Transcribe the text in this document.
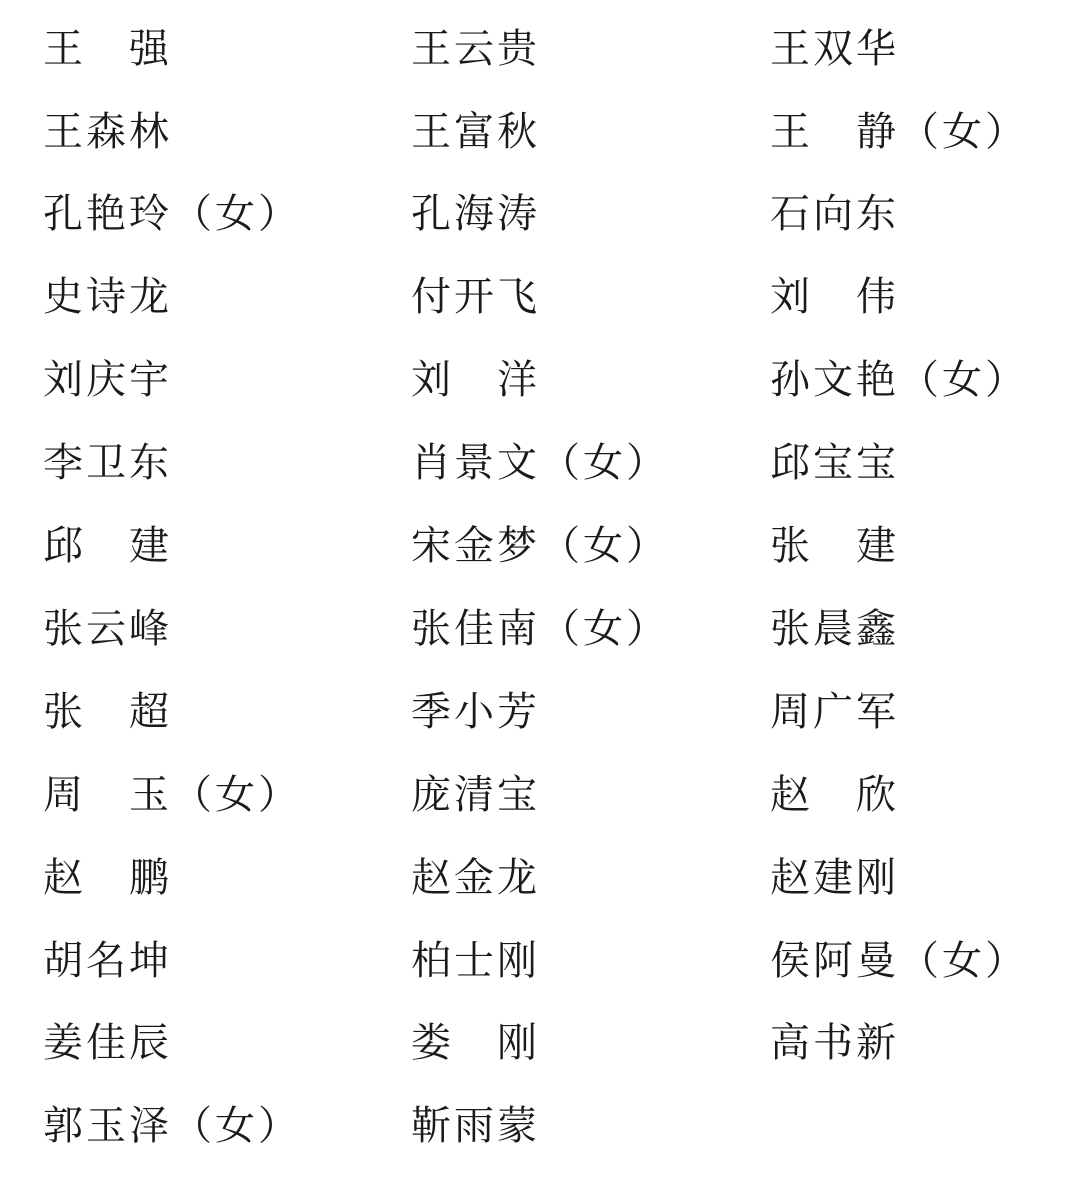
王　强	王云贵	王双华
王森林	王富秋	王　静（女）
孔艳玲（女）	孔海涛	石向东
史诗龙	付开飞	刘　伟
刘庆宇	刘　洋	孙文艳（女）
李卫东	肖景文（女）	邱宝宝
邱　建	宋金梦（女）	张　建
张云峰	张佳南（女）	张晨鑫
张　超	季小芳	周广军
周　玉（女）	庞清宝	赵　欣
赵　鹏	赵金龙	赵建刚
胡名坤	柏士刚	侯阿曼（女）
姜佳辰	娄　刚	高书新
郭玉泽（女）	靳雨蒙
